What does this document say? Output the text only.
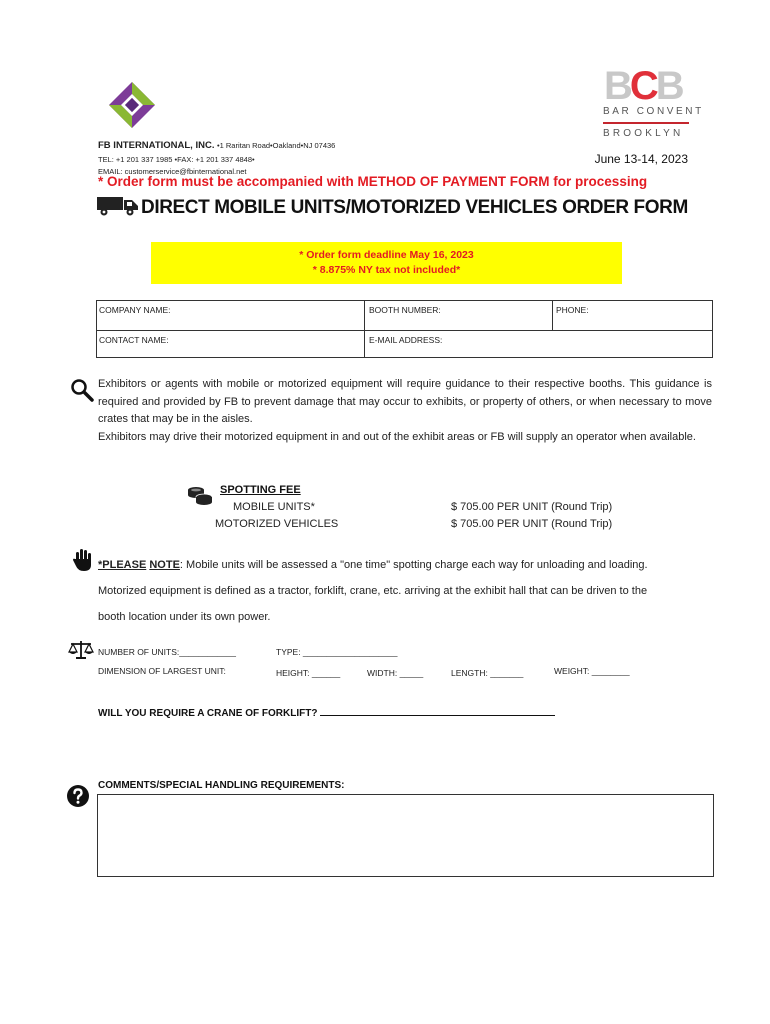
BCB
BAR CONVENT
BROOKLYN
FB INTERNATIONAL, INC. •1 Raritan Road•Oakland•NJ 07436
TEL: +1 201 337 1985 •FAX: +1 201 337 4848•
EMAIL: customerservice@fbinternational.net
June 13-14, 2023
* Order form must be accompanied with METHOD OF PAYMENT FORM for processing
DIRECT MOBILE UNITS/MOTORIZED VEHICLES ORDER FORM
* Order form deadline May 16, 2023
* 8.875% NY tax not included*
COMPANY NAME:	BOOTH NUMBER:	PHONE:
CONTACT NAME:	E-MAIL ADDRESS:

Exhibitors or agents with mobile or motorized equipment will require guidance to their respective booths. This guidance is required and provided by FB to prevent damage that may occur to exhibits, or property of others, or when necessary to move crates that may be in the aisles.

Exhibitors may drive their motorized equipment in and out of the exhibit areas or FB will supply an operator when available.

SPOTTING FEE
MOBILE UNITS*	$ 705.00 PER UNIT (Round Trip)
MOTORIZED VEHICLES	$ 705.00 PER UNIT (Round Trip)
*PLEASE NOTE: Mobile units will be assessed a "one time" spotting charge each way for unloading and loading.
Motorized equipment is defined as a tractor, forklift, crane, etc. arriving at the exhibit hall that can be driven to the
booth location under its own power.
NUMBER OF UNITS:____________	TYPE: ____________________
DIMENSION OF LARGEST UNIT:	HEIGHT: ______	WIDTH: _____	LENGTH: _______	WEIGHT: ________
WILL YOU REQUIRE A CRANE OF FORKLIFT?
COMMENTS/SPECIAL HANDLING REQUIREMENTS:
